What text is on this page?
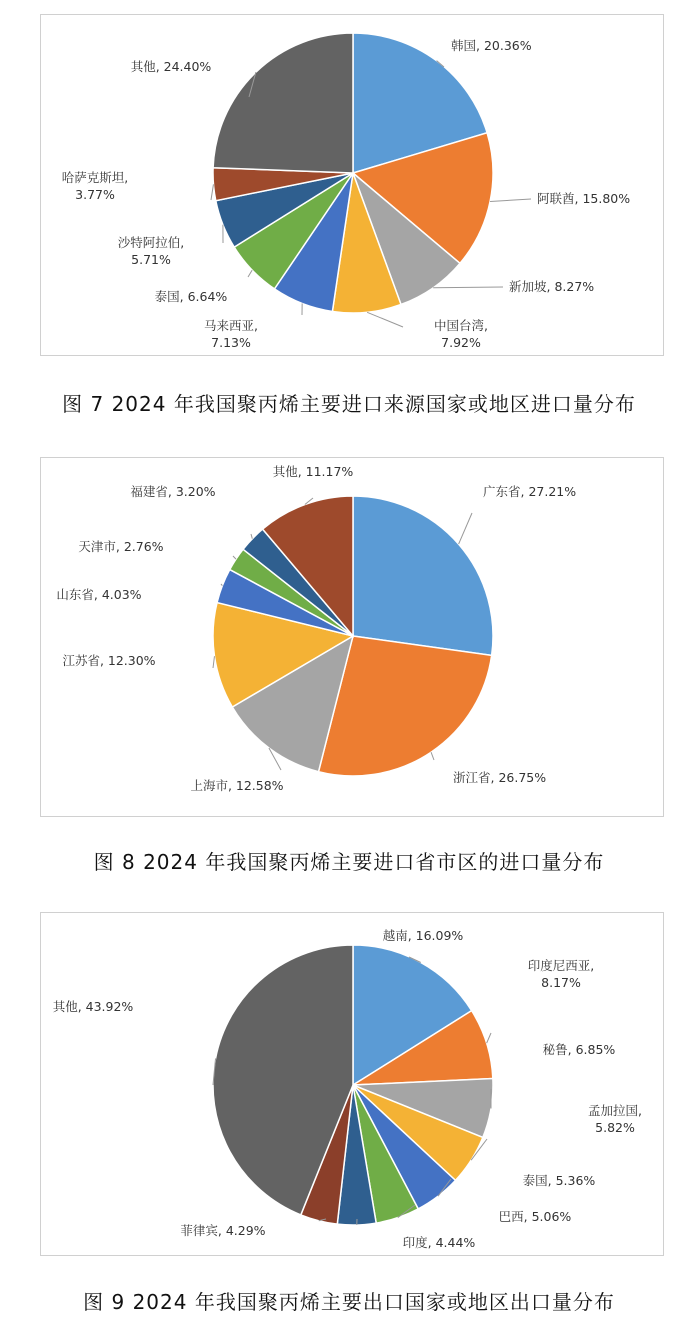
韩国, 20.36%
阿联酋, 15.80%
新加坡, 8.27%
中国台湾, 7.92%
马来西亚, 7.13%
泰国, 6.64%
沙特阿拉伯, 5.71%
哈萨克斯坦, 3.77%
其他, 24.40%
图 7 2024 年我国聚丙烯主要进口来源国家或地区进口量分布
广东省, 27.21%
浙江省, 26.75%
上海市, 12.58%
江苏省, 12.30%
山东省, 4.03%
天津市, 2.76%
福建省, 3.20%
其他, 11.17%
图 8 2024 年我国聚丙烯主要进口省市区的进口量分布
越南, 16.09%
印度尼西亚, 8.17%
秘鲁, 6.85%
孟加拉国, 5.82%
泰国, 5.36%
巴西, 5.06%
印度, 4.44%
菲律宾, 4.29%
其他, 43.92%
图 9 2024 年我国聚丙烯主要出口国家或地区出口量分布
